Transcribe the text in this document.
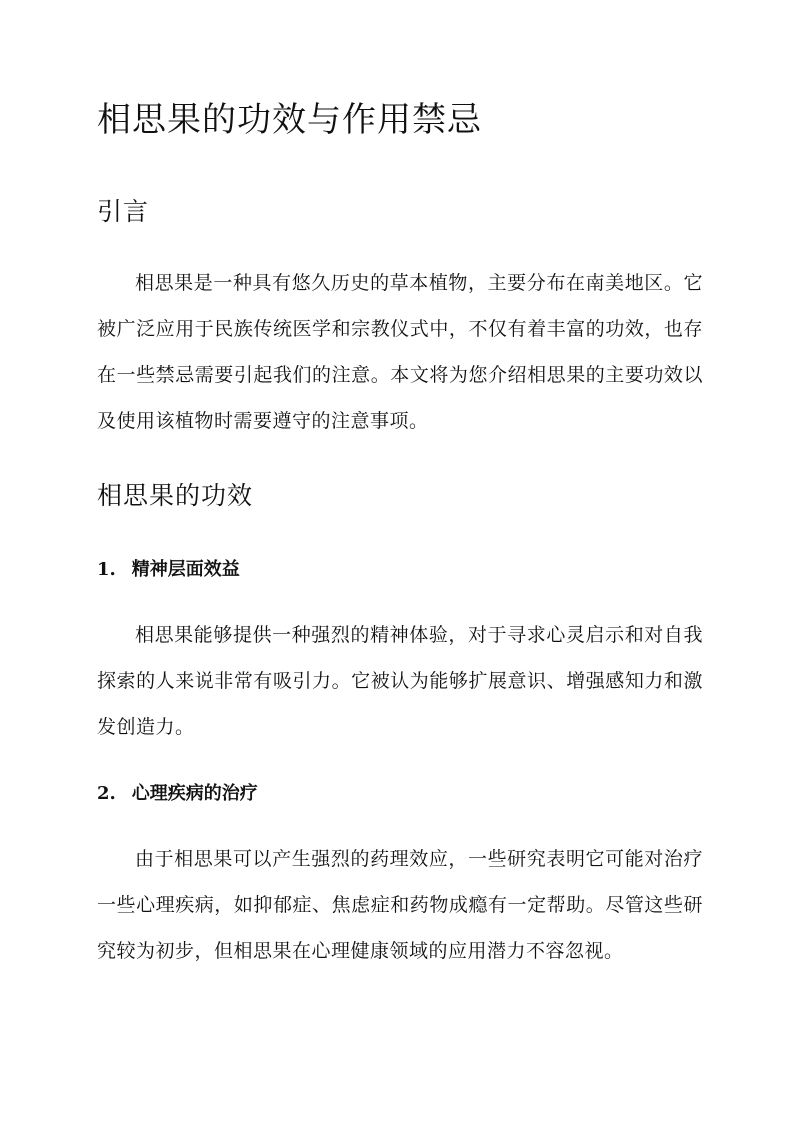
相思果的功效与作用禁忌
引言

相思果是一种具有悠久历史的草本植物，主要分布在南美地区。它被广泛应用于民族传统医学和宗教仪式中，不仅有着丰富的功效，也存在一些禁忌需要引起我们的注意。本文将为您介绍相思果的主要功效以及使用该植物时需要遵守的注意事项。

相思果的功效
1. 精神层面效益

相思果能够提供一种强烈的精神体验，对于寻求心灵启示和对自我探索的人来说非常有吸引力。它被认为能够扩展意识、增强感知力和激发创造力。

2. 心理疾病的治疗

由于相思果可以产生强烈的药理效应，一些研究表明它可能对治疗一些心理疾病，如抑郁症、焦虑症和药物成瘾有一定帮助。尽管这些研究较为初步，但相思果在心理健康领域的应用潜力不容忽视。
